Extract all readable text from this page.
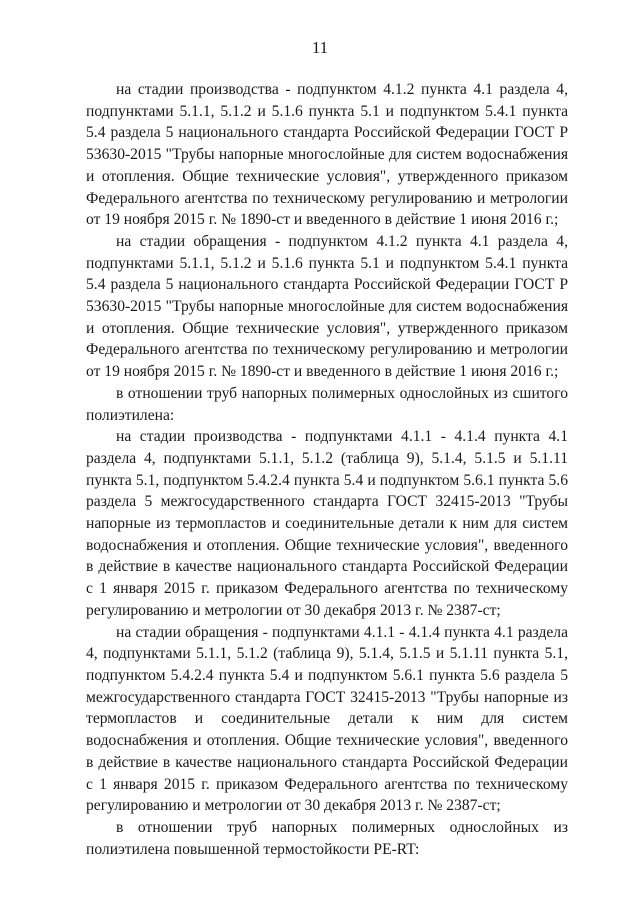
11

на стадии производства - подпунктом 4.1.2 пункта 4.1 раздела 4, подпунктами 5.1.1, 5.1.2 и 5.1.6 пункта 5.1 и подпунктом 5.4.1 пункта 5.4 раздела 5 национального стандарта Российской Федерации ГОСТ Р 53630-2015 "Трубы напорные многослойные для систем водоснабжения и отопления. Общие технические условия", утвержденного приказом Федерального агентства по техническому регулированию и метрологии от 19 ноября 2015 г. № 1890-ст и введенного в действие 1 июня 2016 г.;

на стадии обращения - подпунктом 4.1.2 пункта 4.1 раздела 4, подпунктами 5.1.1, 5.1.2 и 5.1.6 пункта 5.1 и подпунктом 5.4.1 пункта 5.4 раздела 5 национального стандарта Российской Федерации ГОСТ Р 53630-2015 "Трубы напорные многослойные для систем водоснабжения и отопления. Общие технические условия", утвержденного приказом Федерального агентства по техническому регулированию и метрологии от 19 ноября 2015 г. № 1890-ст и введенного в действие 1 июня 2016 г.;

в отношении труб напорных полимерных однослойных из сшитого полиэтилена:

на стадии производства - подпунктами 4.1.1 - 4.1.4 пункта 4.1 раздела 4, подпунктами 5.1.1, 5.1.2 (таблица 9), 5.1.4, 5.1.5 и 5.1.11 пункта 5.1, подпунктом 5.4.2.4 пункта 5.4 и подпунктом 5.6.1 пункта 5.6 раздела 5 межгосударственного стандарта ГОСТ 32415-2013 "Трубы напорные из термопластов и соединительные детали к ним для систем водоснабжения и отопления. Общие технические условия", введенного в действие в качестве национального стандарта Российской Федерации с 1 января 2015 г. приказом Федерального агентства по техническому регулированию и метрологии от 30 декабря 2013 г. № 2387-ст;

на стадии обращения - подпунктами 4.1.1 - 4.1.4 пункта 4.1 раздела 4, подпунктами 5.1.1, 5.1.2 (таблица 9), 5.1.4, 5.1.5 и 5.1.11 пункта 5.1, подпунктом 5.4.2.4 пункта 5.4 и подпунктом 5.6.1 пункта 5.6 раздела 5 межгосударственного стандарта ГОСТ 32415-2013 "Трубы напорные из термопластов и соединительные детали к ним для систем водоснабжения и отопления. Общие технические условия", введенного в действие в качестве национального стандарта Российской Федерации с 1 января 2015 г. приказом Федерального агентства по техническому регулированию и метрологии от 30 декабря 2013 г. № 2387-ст;

в отношении труб напорных полимерных однослойных из полиэтилена повышенной термостойкости PE-RT:
